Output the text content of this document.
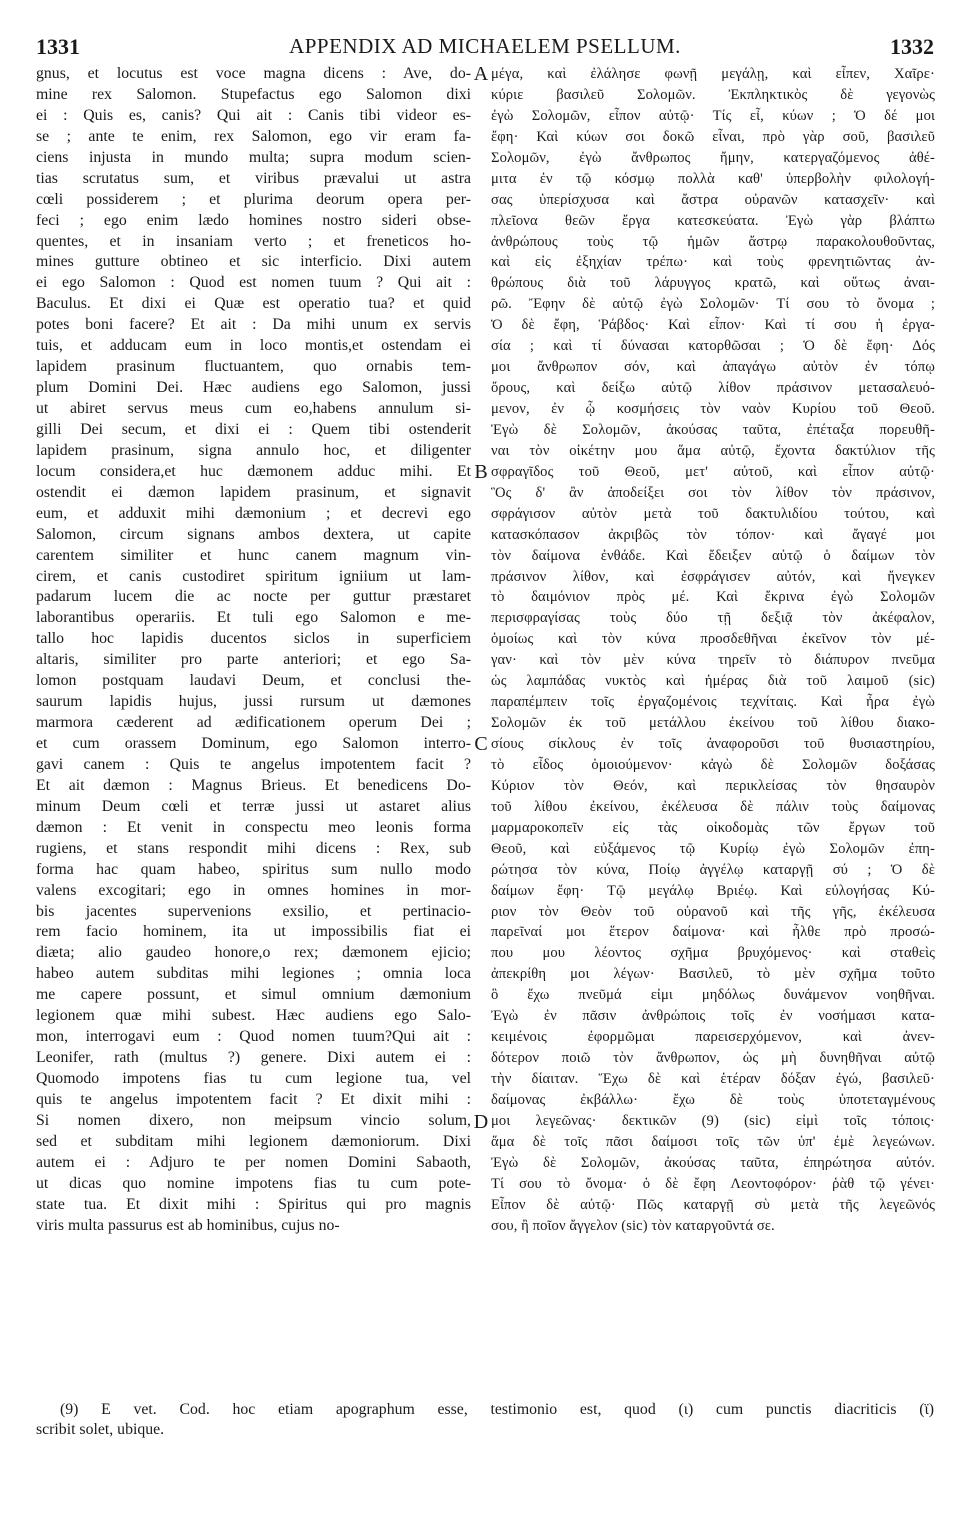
1331	APPENDIX AD MICHAELEM PSELLUM.	1332
gnus, et locutus est voce magna dicens : Ave, do-
mine rex Salomon. Stupefactus ego Salomon dixi
ei : Quis es, canis? Qui ait : Canis tibi videor es-
se ; ante te enim, rex Salomon, ego vir eram fa-
ciens injusta in mundo multa; supra modum scien-
tias scrutatus sum, et viribus prævalui ut astra
cœli possiderem ; et plurima deorum opera per-
feci ; ego enim lædo homines nostro sideri obse-
quentes, et in insaniam verto ; et freneticos ho-
mines gutture obtineo et sic interficio. Dixi autem
ei ego Salomon : Quod est nomen tuum ? Qui ait :
Baculus. Et dixi ei Quæ est operatio tua? et quid
potes boni facere? Et ait : Da mihi unum ex servis
tuis, et adducam eum in loco montis,et ostendam ei
lapidem prasinum fluctuantem, quo ornabis tem-
plum Domini Dei. Hæc audiens ego Salomon, jussi
ut abiret servus meus cum eo,habens annulum si-
gilli Dei secum, et dixi ei : Quem tibi ostenderit
lapidem prasinum, signa annulo hoc, et diligenter
locum considera,et huc dæmonem adduc mihi. Et
ostendit ei dæmon lapidem prasinum, et signavit
eum, et adduxit mihi dæmonium ; et decrevi ego
Salomon, circum signans ambos dextera, ut capite
carentem similiter et hunc canem magnum vin-
cirem, et canis custodiret spiritum igniium ut lam-
padarum lucem die ac nocte per guttur præstaret
laborantibus operariis. Et tuli ego Salomon e me-
tallo hoc lapidis ducentos siclos in superficiem
altaris, similiter pro parte anteriori; et ego Sa-
lomon postquam laudavi Deum, et conclusi the-
saurum lapidis hujus, jussi rursum ut dæmones
marmora cæderent ad ædificationem operum Dei ;
et cum orassem Dominum, ego Salomon interro-
gavi canem : Quis te angelus impotentem facit ?
Et ait dæmon : Magnus Brieus. Et benedicens Do-
minum Deum cœli et terræ jussi ut astaret alius
dæmon : Et venit in conspectu meo leonis forma
rugiens, et stans respondit mihi dicens : Rex, sub
forma hac quam habeo, spiritus sum nullo modo
valens excogitari; ego in omnes homines in mor-
bis jacentes supervenions exsilio, et pertinacio-
rem facio hominem, ita ut impossibilis fiat ei
diæta; alio gaudeo honore,o rex; dæmonem ejicio;
habeo autem subditas mihi legiones ; omnia loca
me capere possunt, et simul omnium dæmonium
legionem quæ mihi subest. Hæc audiens ego Salo-
mon, interrogavi eum : Quod nomen tuum?Qui ait :
Leonifer, rath (multus ?) genere. Dixi autem ei :
Quomodo impotens fias tu cum legione tua, vel
quis te angelus impotentem facit ? Et dixit mihi :
Si nomen dixero, non meipsum vincio solum,
sed et subditam mihi legionem dæmoniorum. Dixi
autem ei : Adjuro te per nomen Domini Sabaoth,
ut dicas quo nomine impotens fias tu cum pote-
state tua. Et dixit mihi : Spiritus qui pro magnis
viris multa passurus est ab hominibus, cujus no-
A
B
C
D
μέγα, καὶ ἐλάλησε φωνῇ μεγάλῃ, καὶ εἶπεν, Χαῖρε·
κύριε βασιλεῦ Σολομῶν. Ἐκπληκτικὸς δὲ γεγονὼς
ἐγὼ Σολομῶν, εἶπον αὐτῷ· Τίς εἶ, κύων ; Ὁ δέ μοι
ἔφη· Καὶ κύων σοι δοκῶ εἶναι, πρὸ γὰρ σοῦ, βασιλεῦ
Σολομῶν, ἐγὼ ἄνθρωπος ἤμην, κατεργαζόμενος ἀθέ-
μιτα ἐν τῷ κόσμῳ πολλὰ καθ' ὑπερβολὴν φιλολογή-
σας ὑπερίσχυσα καὶ ἄστρα οὐρανῶν κατασχεῖν· καὶ
πλεῖονα θεῶν ἔργα κατεσκεύατα. Ἐγὼ γὰρ βλάπτω
ἀνθρώπους τοὺς τῷ ἡμῶν ἄστρῳ παρακολουθοῦντας,
καὶ εἰς ἐξηχίαν τρέπω· καὶ τοὺς φρενητιῶντας ἀν-
θρώπους διὰ τοῦ λάρυγγος κρατῶ, καὶ οὕτως ἀναι-
ρῶ. Ἔφην δὲ αὐτῷ ἐγὼ Σολομῶν· Τί σου τὸ ὄνομα ;
Ὁ δὲ ἔφη, Ῥάβδος· Καὶ εἶπον· Καὶ τί σου ἡ ἐργα-
σία ; καὶ τί δύνασαι κατορθῶσαι ; Ὁ δὲ ἔφη· Δός
μοι ἄνθρωπον σόν, καὶ ἀπαγάγω αὐτὸν ἐν τόπῳ
ὄρους, καὶ δείξω αὐτῷ λίθον πράσινον μετασαλευό-
μενον, ἐν ᾧ κοσμήσεις τὸν ναὸν Κυρίου τοῦ Θεοῦ.
Ἐγὼ δὲ Σολομῶν, ἀκούσας ταῦτα, ἐπέταξα πορευθῆ-
ναι τὸν οἰκέτην μου ἅμα αὐτῷ, ἔχοντα δακτύλιον τῆς
σφραγῖδος τοῦ Θεοῦ, μετ' αὐτοῦ, καὶ εἶπον αὐτῷ·
Ὃς δ' ἂν ἀποδείξει σοι τὸν λίθον τὸν πράσινον,
σφράγισον αὐτὸν μετὰ τοῦ δακτυλιδίου τούτου, καὶ
κατασκόπασον ἀκριβῶς τὸν τόπον· καὶ ἄγαγέ μοι
τὸν δαίμονα ἐνθάδε. Καὶ ἔδειξεν αὐτῷ ὁ δαίμων τὸν
πράσινον λίθον, καὶ ἐσφράγισεν αὐτόν, καὶ ἤνεγκεν
τὸ δαιμόνιον πρὸς μέ. Καὶ ἔκρινα ἐγὼ Σολομῶν
περισφραγίσας τοὺς δύο τῇ δεξιᾷ τὸν ἀκέφαλον,
ὁμοίως καὶ τὸν κύνα προσδεθῆναι ἐκεῖνον τὸν μέ-
γαν· καὶ τὸν μὲν κύνα τηρεῖν τὸ διάπυρον πνεῦμα
ὡς λαμπάδας νυκτὸς καὶ ἡμέρας διὰ τοῦ λαιμοῦ (sic)
παραπέμπειν τοῖς ἐργαζομένοις τεχνίταις. Καὶ ἦρα ἐγὼ
Σολομῶν ἐκ τοῦ μετάλλου ἐκείνου τοῦ λίθου διακο-
σίους σίκλους ἐν τοῖς ἀναφοροῦσι τοῦ θυσιαστηρίου,
τὸ εἶδος ὁμοιούμενον· κἀγὼ δὲ Σολομῶν δοξάσας
Κύριον τὸν Θεόν, καὶ περικλείσας τὸν θησαυρὸν
τοῦ λίθου ἐκείνου, ἐκέλευσα δὲ πάλιν τοὺς δαίμονας
μαρμαροκοπεῖν εἰς τὰς οἰκοδομὰς τῶν ἔργων τοῦ
Θεοῦ, καὶ εὐξάμενος τῷ Κυρίῳ ἐγὼ Σολομῶν ἐπη-
ρώτησα τὸν κύνα, Ποίῳ ἀγγέλῳ καταργῇ σύ ; Ὁ δὲ
δαίμων ἔφη· Τῷ μεγάλῳ Βριέῳ. Καὶ εὐλογήσας Κύ-
ριον τὸν Θεὸν τοῦ οὐρανοῦ καὶ τῆς γῆς, ἐκέλευσα
παρεῖναί μοι ἕτερον δαίμονα· καὶ ἦλθε πρὸ προσώ-
που μου λέοντος σχῆμα βρυχόμενος· καὶ σταθεὶς
ἀπεκρίθη μοι λέγων· Βασιλεῦ, τὸ μὲν σχῆμα τοῦτο
ὃ ἔχω πνεῦμά εἰμι μηδόλως δυνάμενον νοηθῆναι.
Ἐγὼ ἐν πᾶσιν ἀνθρώποις τοῖς ἐν νοσήμασι κατα-
κειμένοις ἐφορμῶμαι παρεισερχόμενον, καὶ ἀνεν-
δότερον ποιῶ τὸν ἄνθρωπον, ὡς μὴ δυνηθῆναι αὐτῷ
τὴν δίαιταν. Ἔχω δὲ καὶ ἑτέραν δόξαν ἐγώ, βασιλεῦ·
δαίμονας ἐκβάλλω· ἔχω δὲ τοὺς ὑποτεταγμένους
μοι λεγεῶνας· δεκτικῶν (9) (sic) εἰμὶ τοῖς τόποις·
ἅμα δὲ τοῖς πᾶσι δαίμοσι τοῖς τῶν ὑπ' ἐμὲ λεγεώνων.
Ἐγὼ δὲ Σολομῶν, ἀκούσας ταῦτα, ἐπηρώτησα αὐτόν.
Τί σου τὸ ὄνομα· ὁ δὲ ἔφη Λεοντοφόρον· ῥὰθ τῷ γένει·
Εἶπον δὲ αὐτῷ· Πῶς καταργῇ σὺ μετὰ τῆς λεγεῶνός
σου, ἢ ποῖον ἄγγελον (sic) τὸν καταργοῦντά σε.
(9) E vet. Cod. hoc etiam apographum esse, testimonio est, quod (ι) cum punctis diacriticis (ϊ)
scribit solet, ubique.
